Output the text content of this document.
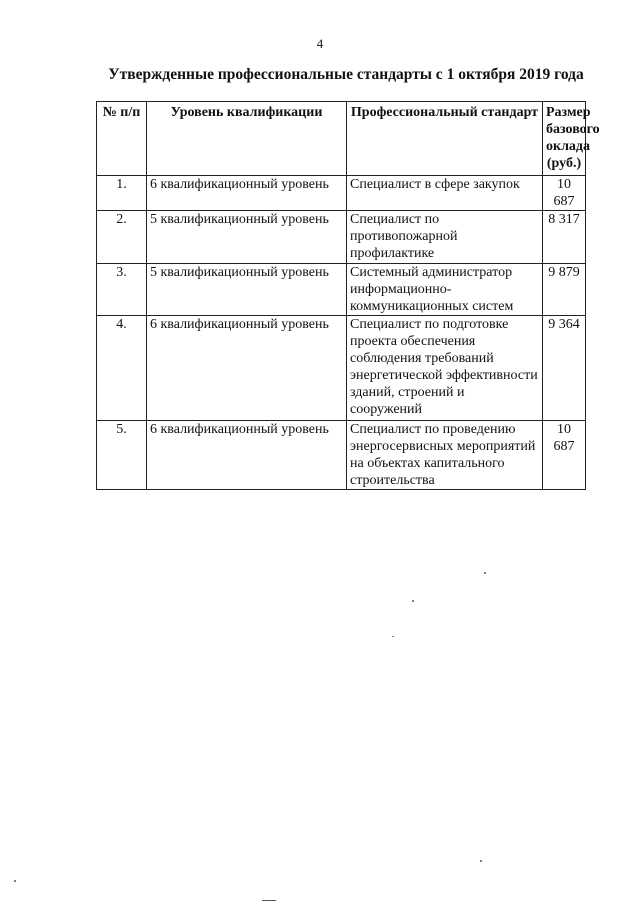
4
Утвержденные профессиональные стандарты с 1 октября 2019 года
№ п/п	Уровень квалификации	Профессиональный стандарт	Размер базового оклада (руб.)
1.	6 квалификационный уровень	Специалист в сфере закупок	10 687
2.	5 квалификационный уровень	Специалист по противопожарной профилактике	8 317
3.	5 квалификационный уровень	Системный администратор информационно-коммуникационных систем	9 879
4.	6 квалификационный уровень	Специалист по подготовке проекта обеспечения соблюдения требований энергетической эффективности зданий, строений и сооружений	9 364
5.	6 квалификационный уровень	Специалист по проведению энергосервисных мероприятий на объектах капитального строительства	10 687
